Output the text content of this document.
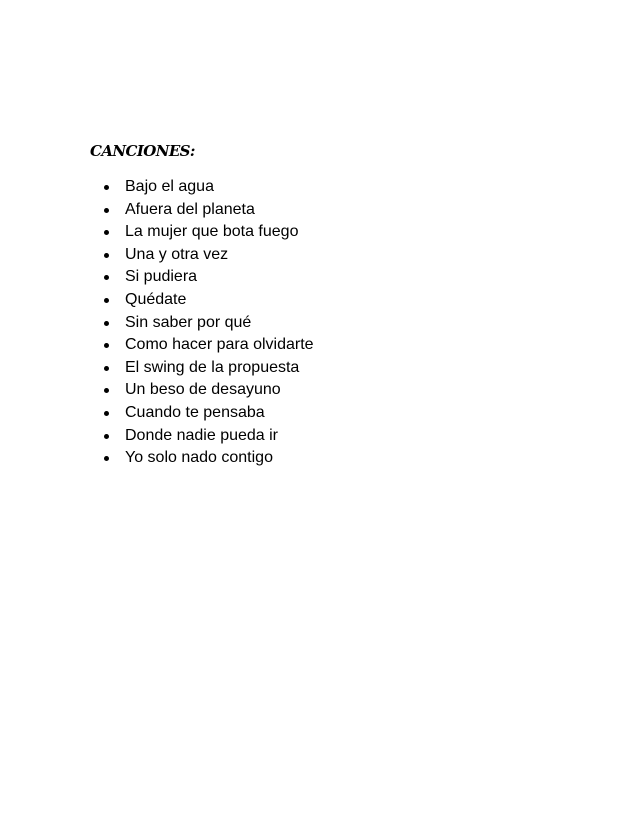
CANCIONES:
Bajo el agua
Afuera del planeta
La mujer que bota fuego
Una y otra vez
Si pudiera
Quédate
Sin saber por qué
Como hacer para olvidarte
El swing de la propuesta
Un beso de desayuno
Cuando te pensaba
Donde nadie pueda ir
Yo solo nado contigo
